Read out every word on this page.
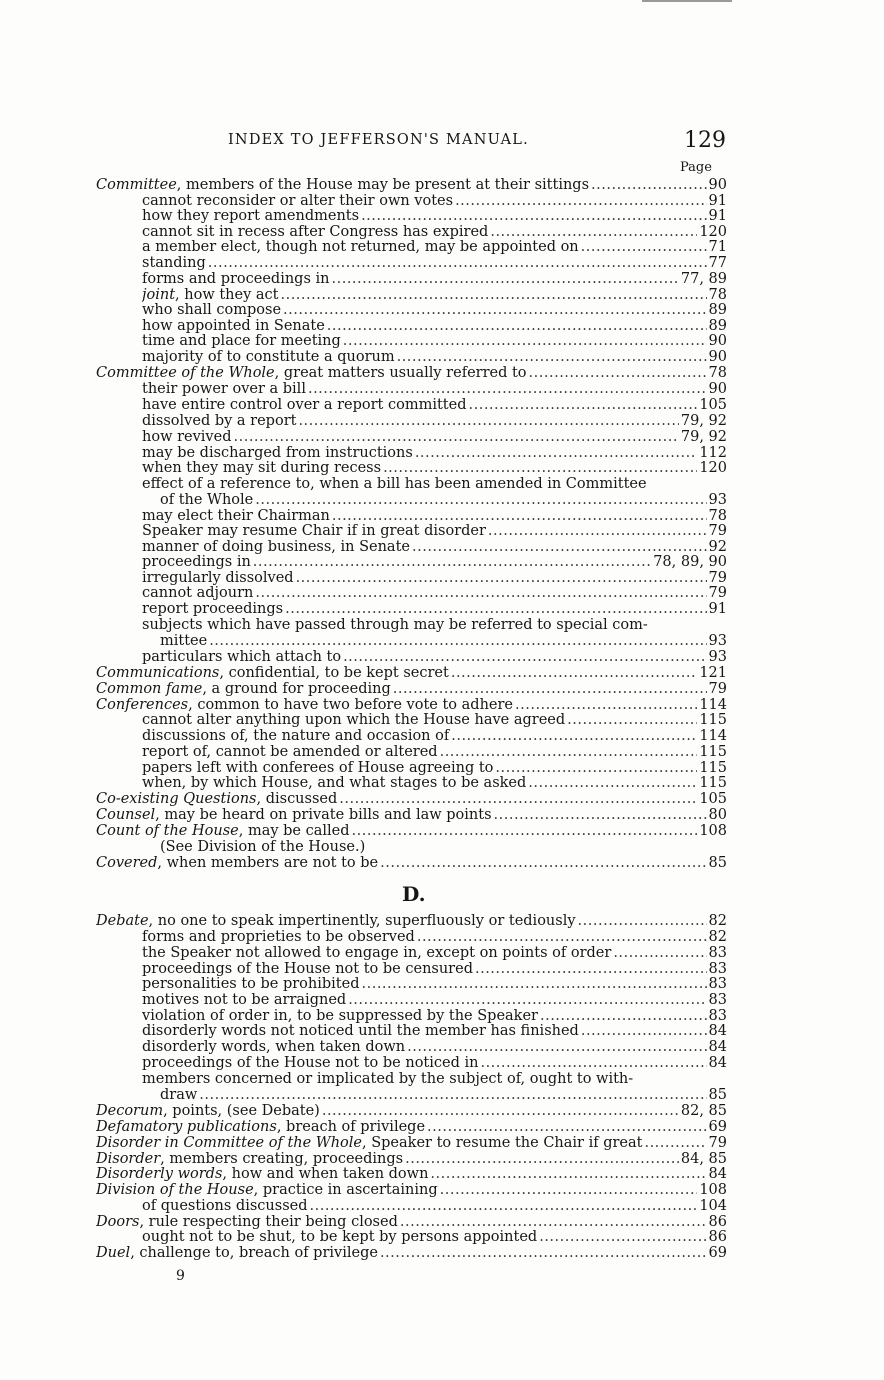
INDEX TO JEFFERSON'S MANUAL.	129
Page
Committee, members of the House may be present at their sittings .....	90
cannot reconsider or alter their own votes .....	91
how they report amendments .....	91
cannot sit in recess after Congress has expired .....	120
a member elect, though not returned, may be appointed on .....	71
standing .....	77
forms and proceedings in .....	77, 89
joint, how they act .....	78
who shall compose .....	89
how appointed in Senate .....	89
time and place for meeting .....	90
majority of to constitute a quorum .....	90
Committee of the Whole, great matters usually referred to .....	78
their power over a bill .....	90
have entire control over a report committed .....	105
dissolved by a report .....	79, 92
how revived .....	79, 92
may be discharged from instructions .....	112
when they may sit during recess .....	120
effect of a reference to, when a bill has been amended in Committee
of the Whole .....	93
may elect their Chairman .....	78
Speaker may resume Chair if in great disorder .....	79
manner of doing business, in Senate .....	92
proceedings in .....	78, 89, 90
irregularly dissolved .....	79
cannot adjourn .....	79
report proceedings .....	91
subjects which have passed through may be referred to special com-
mittee .....	93
particulars which attach to .....	93
Communications, confidential, to be kept secret .....	121
Common fame, a ground for proceeding .....	79
Conferences, common to have two before vote to adhere .....	114
cannot alter anything upon which the House have agreed .....	115
discussions of, the nature and occasion of .....	114
report of, cannot be amended or altered .....	115
papers left with conferees of House agreeing to .....	115
when, by which House, and what stages to be asked .....	115
Co-existing Questions, discussed .....	105
Counsel, may be heard on private bills and law points .....	80
Count of the House, may be called .....	108
(See Division of the House.)
Covered, when members are not to be .....	85
Debate, no one to speak impertinently, superfluously or tediously .....	82
forms and proprieties to be observed .....	82
the Speaker not allowed to engage in, except on points of order .....	83
proceedings of the House not to be censured .....	83
personalities to be prohibited .....	83
motives not to be arraigned .....	83
violation of order in, to be suppressed by the Speaker .....	83
disorderly words not noticed until the member has finished .....	84
disorderly words, when taken down .....	84
proceedings of the House not to be noticed in .....	84
members concerned or implicated by the subject of, ought to with-
draw .....	85
Decorum, points, (see Debate) .....	82, 85
Defamatory publications, breach of privilege .....	69
Disorder in Committee of the Whole, Speaker to resume the Chair if great .....	79
Disorder, members creating, proceedings .....	84, 85
Disorderly words, how and when taken down .....	84
Division of the House, practice in ascertaining .....	108
of questions discussed .....	104
Doors, rule respecting their being closed .....	86
ought not to be shut, to be kept by persons appointed .....	86
Duel, challenge to, breach of privilege .....	69
D.
9
